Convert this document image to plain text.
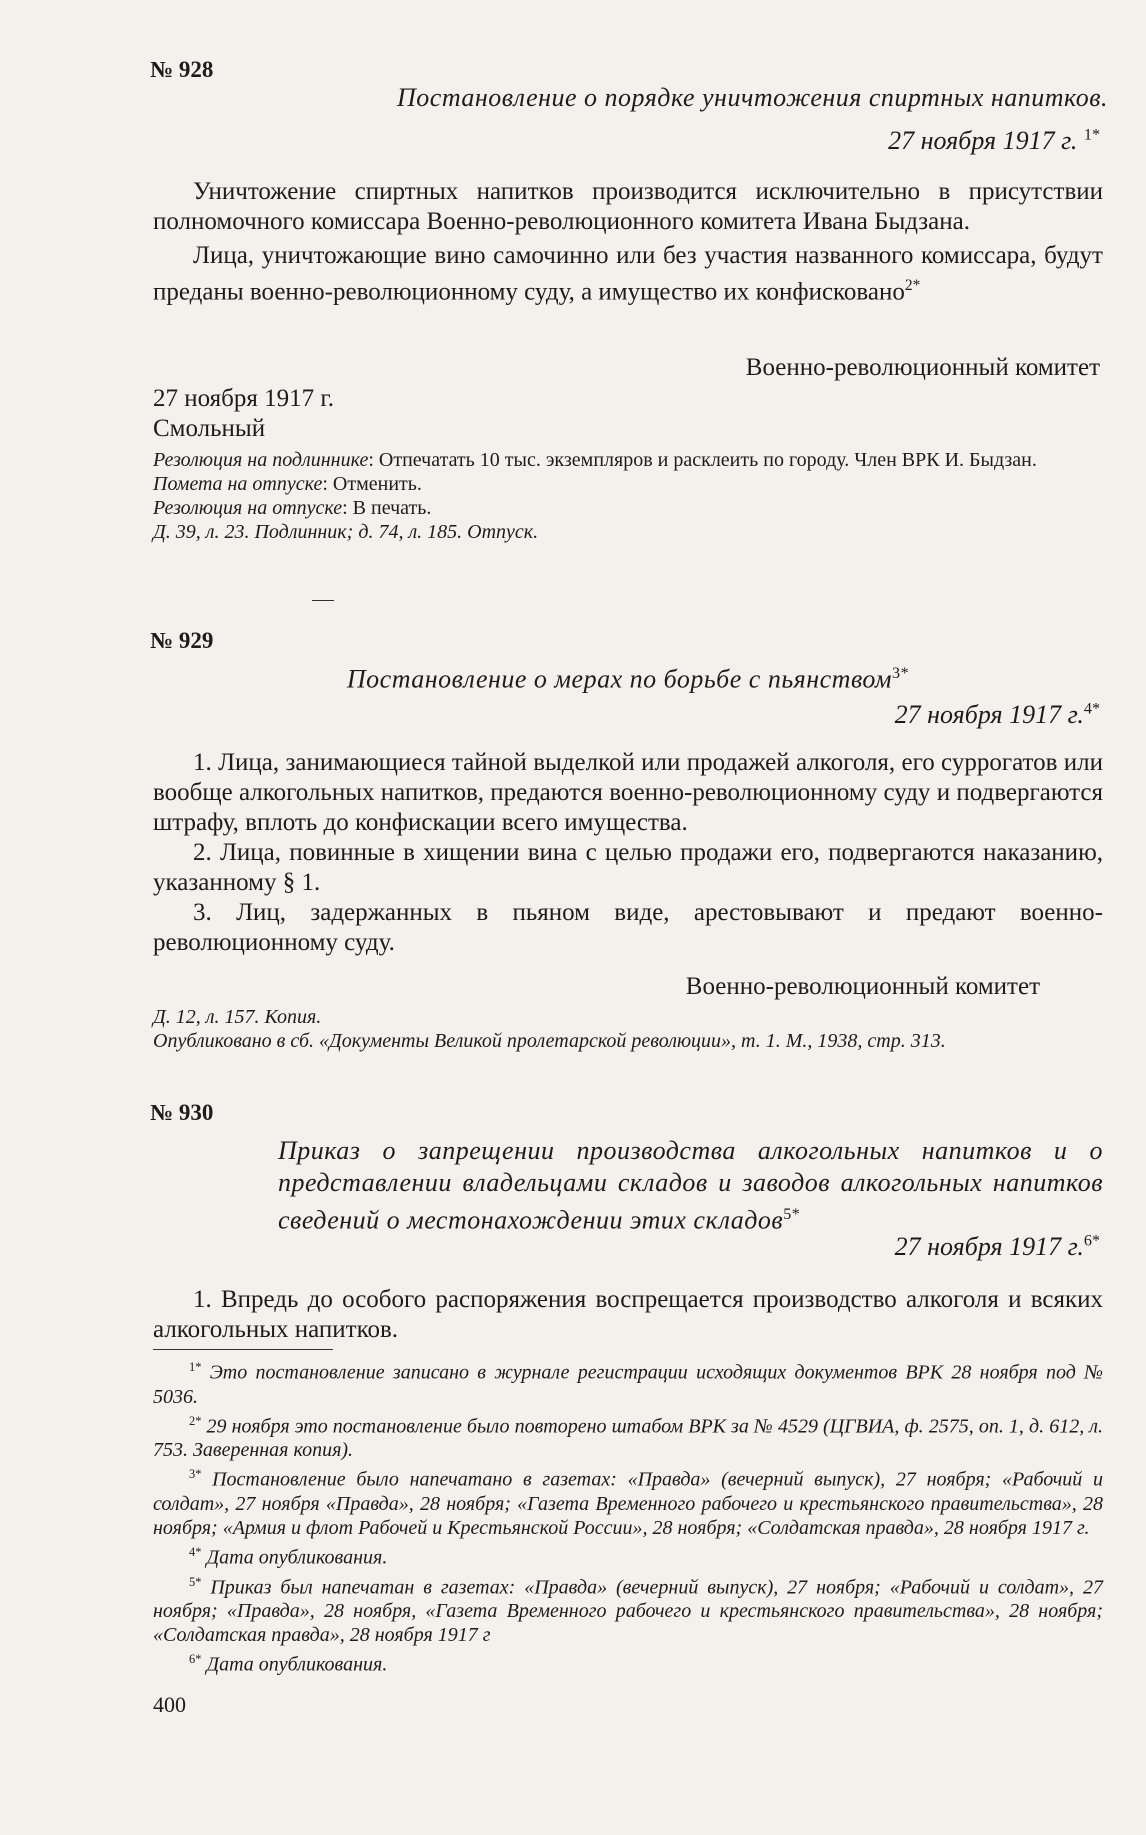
№ 928
Постановление о порядке уничтожения спиртных напитков.
27 ноября 1917 г. $^{1*}$

Уничтожение спиртных напитков производится исключительно в присутствии полномочного комиссара Военно-революционного комитета Ивана Быдзана.

Лица, уничтожающие вино самочинно или без участия названного комиссара, будут преданы военно-революционному суду, а имущество их конфисковано$^{2*}$

Военно-революционный комитет
27 ноября 1917 г.
Смольный

Резолюция на подлиннике: Отпечатать 10 тыс. экземпляров и расклеить по городу. Член ВРК И. Быдзан.

Пометa на отпуске: Отменить.

Резолюция на отпуске: В печать.

Д. 39, л. 23. Подлинник; д. 74, л. 185. Отпуск.

№ 929
Постановление о мерах по борьбе с пьянством$^{3*}$
27 ноября 1917 г.$^{4*}$

1. Лица, занимающиеся тайной выделкой или продажей алкоголя, его суррогатов или вообще алкогольных напитков, предаются военно-революционному суду и подвергаются штрафу, вплоть до конфискации всего имущества.

2. Лица, повинные в хищении вина с целью продажи его, подвергаются наказанию, указанному § 1.

3. Лиц, задержанных в пьяном виде, арестовывают и предают военно-революционному суду.

Военно-революционный комитет

Д. 12, л. 157. Копия.

Опубликовано в сб. «Документы Великой пролетарской революции», т. 1. М., 1938, стр. 313.

№ 930
Приказ о запрещении производства алкогольных напитков и о представлении владельцами складов и заводов алкогольных напитков сведений о местонахождении этих складов$^{5*}$
27 ноября 1917 г.$^{6*}$

1. Впредь до особого распоряжения воспрещается производство алкоголя и всяких алкогольных напитков.

$^{1*}$ Это постановление записано в журнале регистрации исходящих документов ВРК 28 ноября под № 5036.

$^{2*}$ 29 ноября это постановление было повторено штабом ВРК за № 4529 (ЦГВИА, ф. 2575, оп. 1, д. 612, л. 753. Заверенная копия).

$^{3*}$ Постановление было напечатано в газетах: «Правда» (вечерний выпуск), 27 ноября; «Рабочий и солдат», 27 ноября «Правда», 28 ноября; «Газета Временного рабочего и крестьянского правительства», 28 ноября; «Армия и флот Рабочей и Крестьянской России», 28 ноября; «Солдатская правда», 28 ноября 1917 г.

$^{4*}$ Дата опубликования.

$^{5*}$ Приказ был напечатан в газетах: «Правда» (вечерний выпуск), 27 ноября; «Рабочий и солдат», 27 ноября; «Правда», 28 ноября, «Газета Временного рабочего и крестьянского правительства», 28 ноября; «Солдатская правда», 28 ноября 1917 г

$^{6*}$ Дата опубликования.

400
